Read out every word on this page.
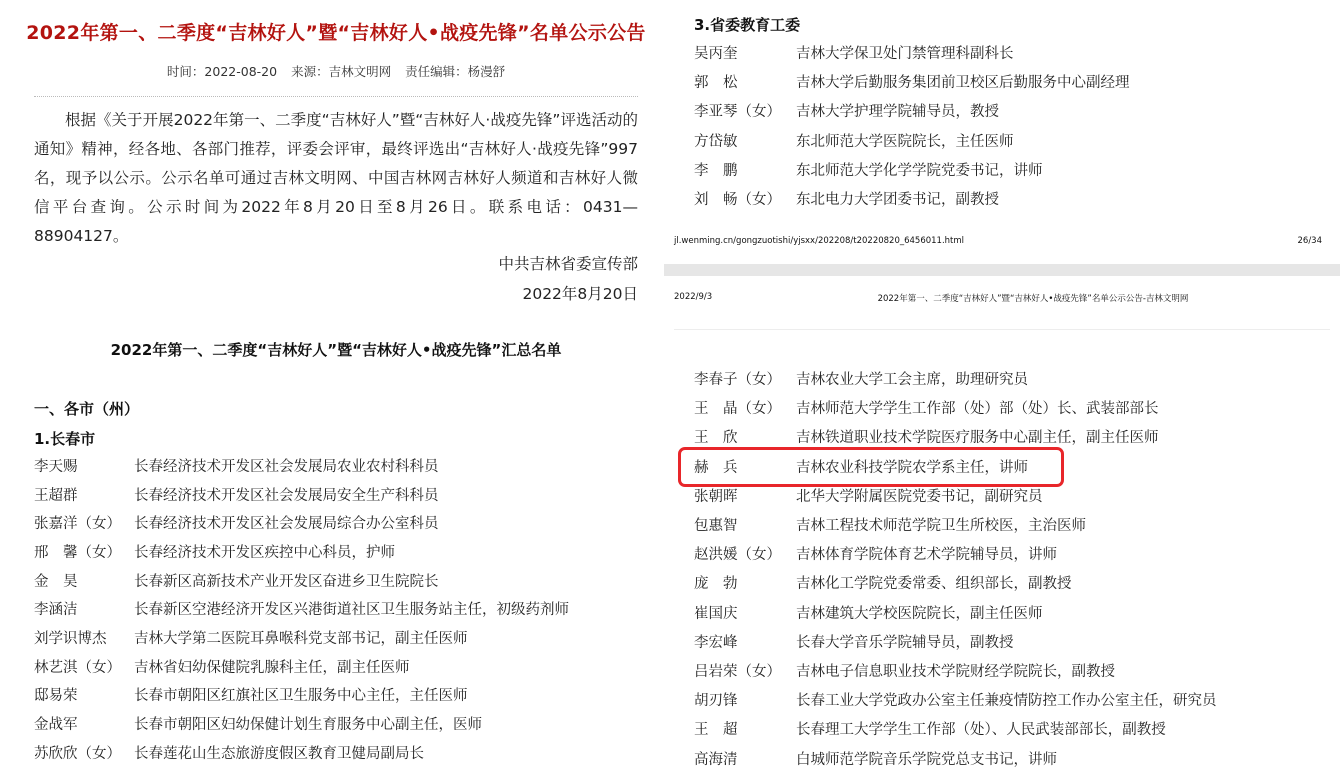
2022年第一、二季度“吉林好人”暨“吉林好人•战疫先锋”名单公示公告
时间：2022-08-20 来源：吉林文明网 责任编辑：杨漫舒
根据《关于开展2022年第一、二季度“吉林好人”暨“吉林好人·战疫先锋”评选活动的通知》精神，经各地、各部门推荐，评委会评审，最终评选出“吉林好人·战疫先锋”997名，现予以公示。公示名单可通过吉林文明网、中国吉林网吉林好人频道和吉林好人微信平台查询。公示时间为2022年8月20日至8月26日。联系电话：0431—88904127。
中共吉林省委宣传部
2022年8月20日
2022年第一、二季度“吉林好人”暨“吉林好人•战疫先锋”汇总名单
一、各市（州）
1.长春市
李天赐	长春经济技术开发区社会发展局农业农村科科员
王超群	长春经济技术开发区社会发展局安全生产科科员
张嘉洋（女） 长春经济技术开发区社会发展局综合办公室科员
邢　馨（女） 长春经济技术开发区疾控中心科员，护师
金　昊	长春新区高新技术产业开发区奋进乡卫生院院长
李涵洁	长春新区空港经济开发区兴港街道社区卫生服务站主任，初级药剂师
刘学识博杰	吉林大学第二医院耳鼻喉科党支部书记，副主任医师
林艺淇（女） 吉林省妇幼保健院乳腺科主任，副主任医师
邸易荣	长春市朝阳区红旗社区卫生服务中心主任，主任医师
金战军	长春市朝阳区妇幼保健计划生育服务中心副主任，医师
苏欣欣（女） 长春莲花山生态旅游度假区教育卫健局副局长
3.省委教育工委
吴丙奎	吉林大学保卫处门禁管理科副科长
郭　松	吉林大学后勤服务集团前卫校区后勤服务中心副经理
李亚琴（女）	吉林大学护理学院辅导员，教授
方岱敏	东北师范大学医院院长，主任医师
李　鹏	东北师范大学化学学院党委书记，讲师
刘　畅（女）	东北电力大学团委书记，副教授
jl.wenming.cn/gongzuotishi/yjsxx/202208/t20220820_6456011.html	26/34
2022/9/3	2022年第一、二季度“吉林好人”暨“吉林好人•战疫先锋”名单公示公告-吉林文明网
李春子（女）	吉林农业大学工会主席，助理研究员
王　晶（女）	吉林师范大学学生工作部（处）部（处）长、武装部部长
王　欣	吉林铁道职业技术学院医疗服务中心副主任，副主任医师
赫　兵	吉林农业科技学院农学系主任，讲师
张朝晖	北华大学附属医院党委书记，副研究员
包惠智	吉林工程技术师范学院卫生所校医，主治医师
赵洪媛（女）	吉林体育学院体育艺术学院辅导员，讲师
庞　勃	吉林化工学院党委常委、组织部长，副教授
崔国庆	吉林建筑大学校医院院长，副主任医师
李宏峰	长春大学音乐学院辅导员，副教授
吕岩荣（女）	吉林电子信息职业技术学院财经学院院长，副教授
胡刃锋	长春工业大学党政办公室主任兼疫情防控工作办公室主任，研究员
王　超	长春理工大学学生工作部（处）、人民武装部部长，副教授
高海清	白城师范学院音乐学院党总支书记，讲师
